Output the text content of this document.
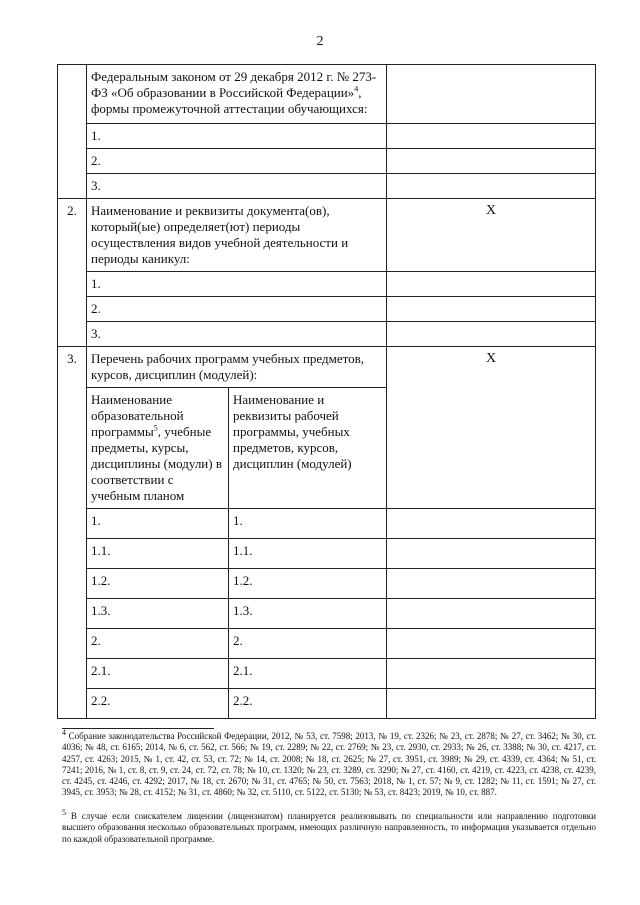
2
	Федеральным законом от 29 декабря 2012 г. № 273-ФЗ «Об образовании в Российской Федерации»$^4$, формы промежуточной аттестации обучающихся:		
	1.		
	2.		
	3.		
2.	Наименование и реквизиты документа(ов), который(ые) определяет(ют) периоды осуществления видов учебной деятельности и периоды каникул:		X
	1.		
	2.		
	3.		
3.	Перечень рабочих программ учебных предметов, курсов, дисциплин (модулей):		X
	Наименование образовательной программы$^5$, учебные предметы, курсы, дисциплины (модули) в соответствии с учебным планом	Наименование и реквизиты рабочей программы, учебных предметов, курсов, дисциплин (модулей)	
	1.	1.	
	1.1.	1.1.	
	1.2.	1.2.	
	1.3.	1.3.	
	2.	2.	
	2.1.	2.1.	
	2.2.	2.2.	
$^4$ Собрание законодательства Российской Федерации, 2012, № 53, ст. 7598; 2013, № 19, ст. 2326; № 23, ст. 2878; № 27, ст. 3462; № 30, ст. 4036; № 48, ст. 6165; 2014, № 6, ст. 562, ст. 566; № 19, ст. 2289; № 22, ст. 2769; № 23, ст. 2930, ст. 2933; № 26, ст. 3388; № 30, ст. 4217, ст. 4257, ст. 4263; 2015, № 1, ст. 42, ст. 53, ст. 72; № 14, ст. 2008; № 18, ст. 2625; № 27, ст. 3951, ст. 3989; № 29, ст. 4339, ст. 4364; № 51, ст. 7241; 2016, № 1, ст. 8, ст. 9, ст. 24, ст. 72, ст. 78; № 10, ст. 1320; № 23, ст. 3289, ст. 3290; № 27, ст. 4160, ст. 4219, ст. 4223, ст. 4238, ст. 4239, ст. 4245, ст. 4246, ст. 4292; 2017, № 18, ст. 2670; № 31, ст. 4765; № 50, ст. 7563; 2018, № 1, ст. 57; № 9, ст. 1282; № 11, ст. 1591; № 27, ст. 3945, ст. 3953; № 28, ст. 4152; № 31, ст. 4860; № 32, ст. 5110, ст. 5122, ст. 5130; № 53, ст. 8423; 2019, № 10, ст. 887.
$^5$ В случае если соискателем лицензии (лицензиатом) планируется реализовывать по специальности или направлению подготовки высшего образования несколько образовательных программ, имеющих различную направленность, то информация указывается отдельно по каждой образовательной программе.
